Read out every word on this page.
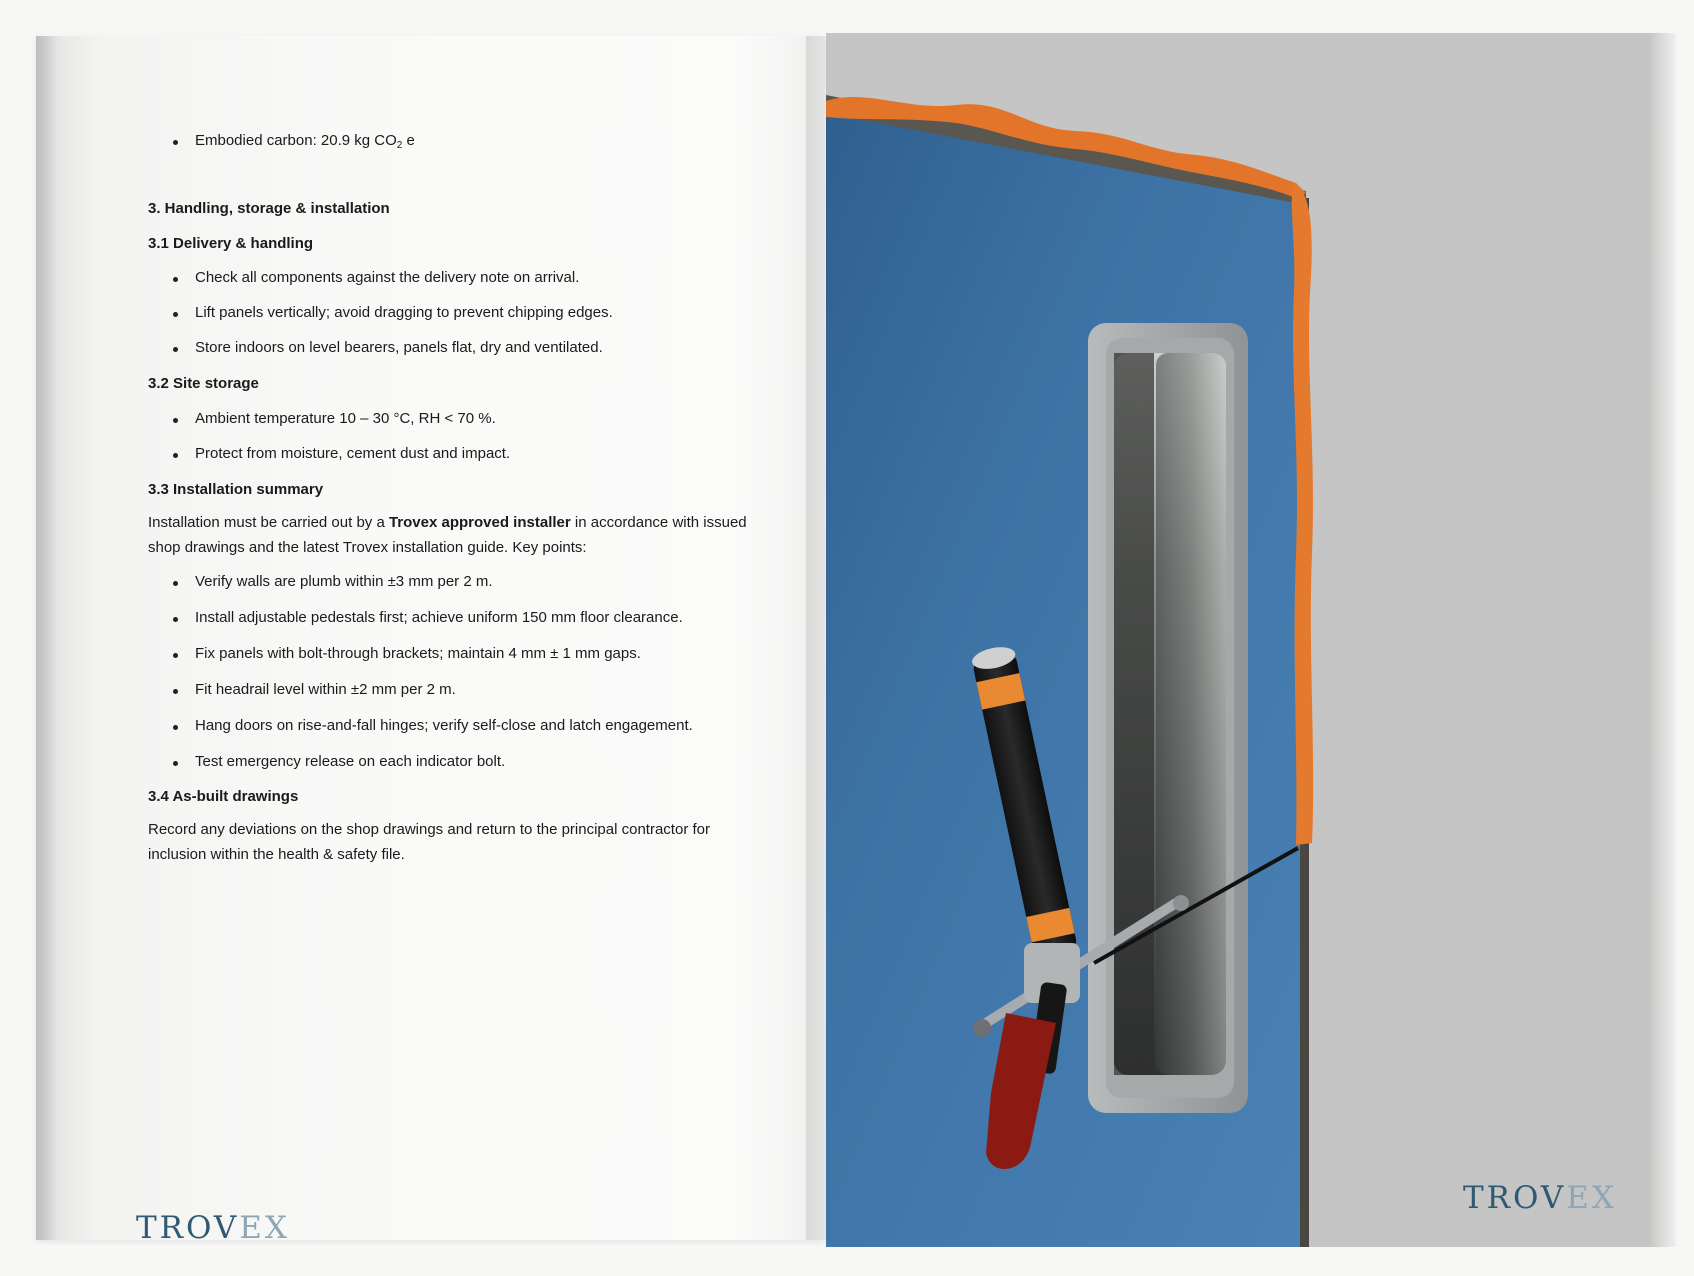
Embodied carbon: 20.9 kg $CO_2$ e

3. Handling, storage & installation
3.1 Delivery & handling

Check all components against the delivery note on arrival.

Lift panels vertically; avoid dragging to prevent chipping edges.

Store indoors on level bearers, panels flat, dry and ventilated.

3.2 Site storage

Ambient temperature 10 – 30 °C, RH < 70 %.

Protect from moisture, cement dust and impact.

3.3 Installation summary

Installation must be carried out by a Trovex approved installer in accordance with issued shop drawings and the latest Trovex installation guide. Key points:

Verify walls are plumb within ±3 mm per 2 m.

Install adjustable pedestals first; achieve uniform 150 mm floor clearance.

Fix panels with bolt-through brackets; maintain 4 mm ± 1 mm gaps.

Fit headrail level within ±2 mm per 2 m.

Hang doors on rise-and-fall hinges; verify self-close and latch engagement.

Test emergency release on each indicator bolt.

3.4 As-built drawings

Record any deviations on the shop drawings and return to the principal contractor for inclusion within the health & safety file.

TROVEX
TROVEX
